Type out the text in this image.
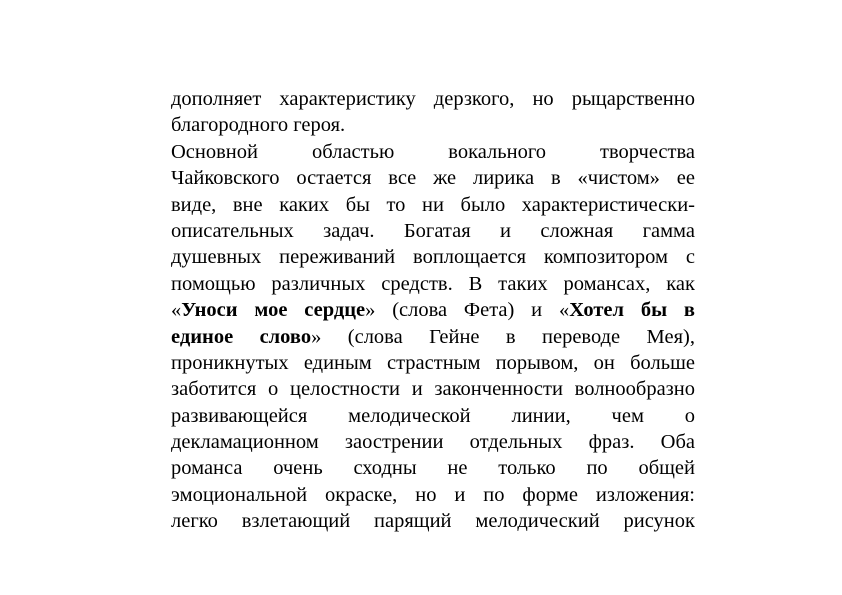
дополняет характеристику дерзкого, но рыцарственно
благородного героя.
Основной областью вокального творчества
Чайковского остается все же лирика в «чистом» ее
виде, вне каких бы то ни было характеристически-
описательных задач. Богатая и сложная гамма
душевных переживаний воплощается композитором с
помощью различных средств. В таких романсах, как
«Уноси мое сердце» (слова Фета) и «Хотел бы в
единое слово» (слова Гейне в переводе Мея),
проникнутых единым страстным порывом, он больше
заботится о целостности и законченности волнообразно
развивающейся мелодической линии, чем о
декламационном заострении отдельных фраз. Оба
романса очень сходны не только по общей
эмоциональной окраске, но и по форме изложения:
легко взлетающий парящий мелодический рисунок
